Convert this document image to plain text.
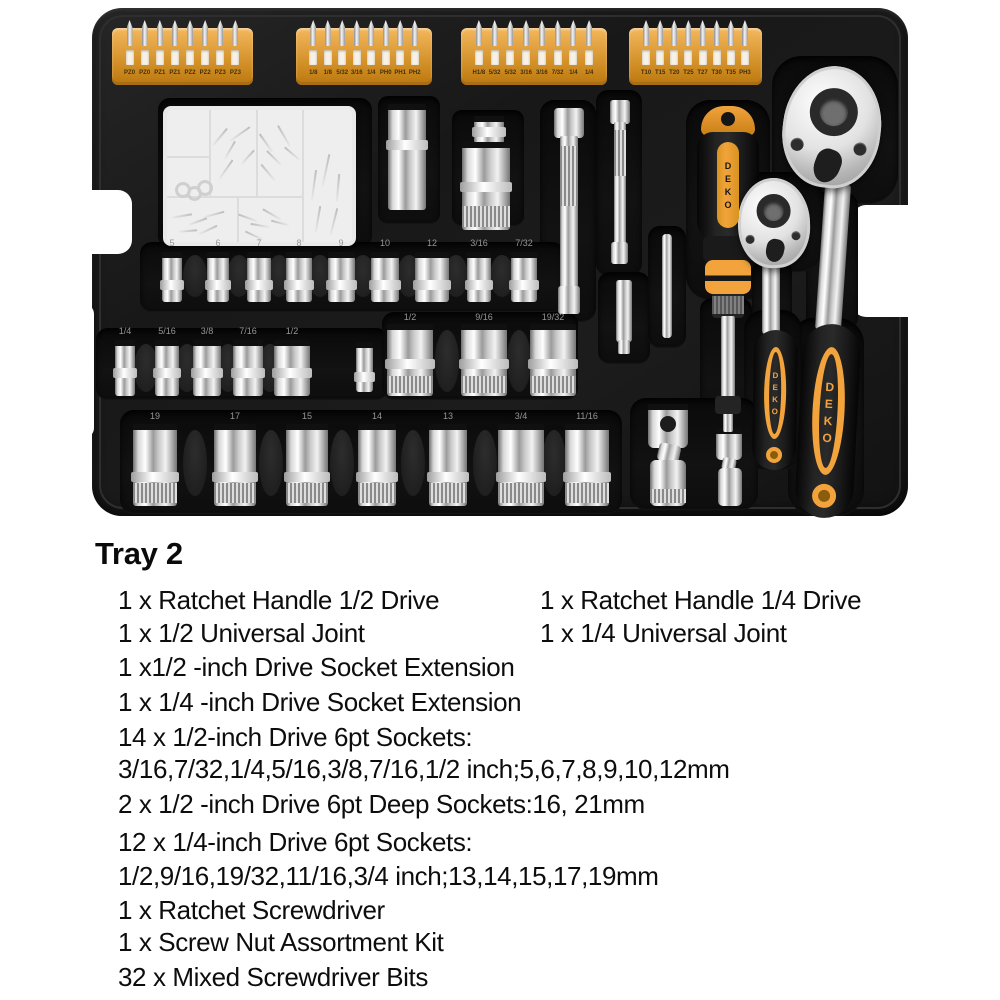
PZ0 PZ0 PZ1 PZ1 PZ2 PZ2 PZ3 PZ3	1/8	1/8 5/32 3/16 1/4 PH0 PH1 PH2	H1/8 5/32 5/32 3/16 3/16 7/32 1/4	1/4	T10 T15 T20 T25 T27 T30 T35 PH3
5	6	7	8	9	10	12	3/16	7/32
1/4	5/16	3/8	7/16	1/2
1/2	9/16	19/32
19	17	15	14	13	3/4	11/16
DEKO
DEKO
DEKO
Tray 2
1 x Ratchet Handle 1/2 Drive	1 x Ratchet Handle 1/4 Drive
1 x 1/2 Universal Joint	1 x 1/4 Universal Joint
1 x1/2 -inch Drive Socket Extension
1 x 1/4 -inch Drive Socket Extension
14 x 1/2-inch Drive 6pt Sockets:
3/16,7/32,1/4,5/16,3/8,7/16,1/2 inch;5,6,7,8,9,10,12mm
2 x 1/2 -inch Drive 6pt Deep Sockets:16, 21mm
12 x 1/4-inch Drive 6pt Sockets:
1/2,9/16,19/32,11/16,3/4 inch;13,14,15,17,19mm
1 x Ratchet Screwdriver
1 x Screw Nut Assortment Kit
32 x Mixed Screwdriver Bits
